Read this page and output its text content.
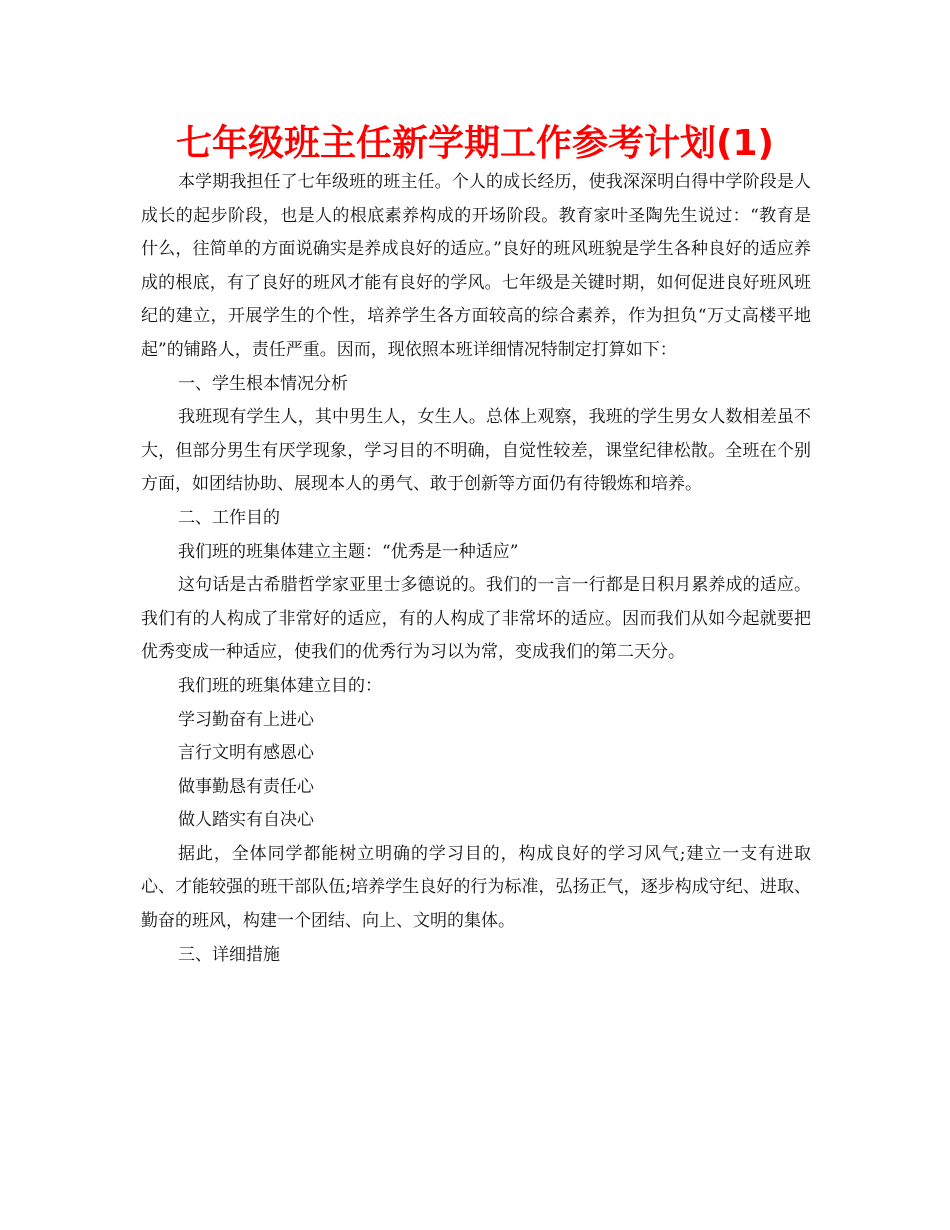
七年级班主任新学期工作参考计划(1)

本学期我担任了七年级班的班主任。个人的成长经历，使我深深明白得中学阶段是人成长的起步阶段，也是人的根底素养构成的开场阶段。教育家叶圣陶先生说过：“教育是什么，往简单的方面说确实是养成良好的适应。”良好的班风班貌是学生各种良好的适应养成的根底，有了良好的班风才能有良好的学风。七年级是关键时期，如何促进良好班风班纪的建立，开展学生的个性，培养学生各方面较高的综合素养，作为担负“万丈高楼平地起”的铺路人，责任严重。因而，现依照本班详细情况特制定打算如下：

一、学生根本情况分析

我班现有学生人，其中男生人，女生人。总体上观察，我班的学生男女人数相差虽不大，但部分男生有厌学现象，学习目的不明确，自觉性较差，课堂纪律松散。全班在个别方面，如团结协助、展现本人的勇气、敢于创新等方面仍有待锻炼和培养。

二、工作目的

我们班的班集体建立主题：“优秀是一种适应”

这句话是古希腊哲学家亚里士多德说的。我们的一言一行都是日积月累养成的适应。我们有的人构成了非常好的适应，有的人构成了非常坏的适应。因而我们从如今起就要把优秀变成一种适应，使我们的优秀行为习以为常，变成我们的第二天分。

我们班的班集体建立目的：

学习勤奋有上进心

言行文明有感恩心

做事勤恳有责任心

做人踏实有自决心

据此，全体同学都能树立明确的学习目的，构成良好的学习风气;建立一支有进取心、才能较强的班干部队伍;培养学生良好的行为标准，弘扬正气，逐步构成守纪、进取、勤奋的班风，构建一个团结、向上、文明的集体。

三、详细措施
